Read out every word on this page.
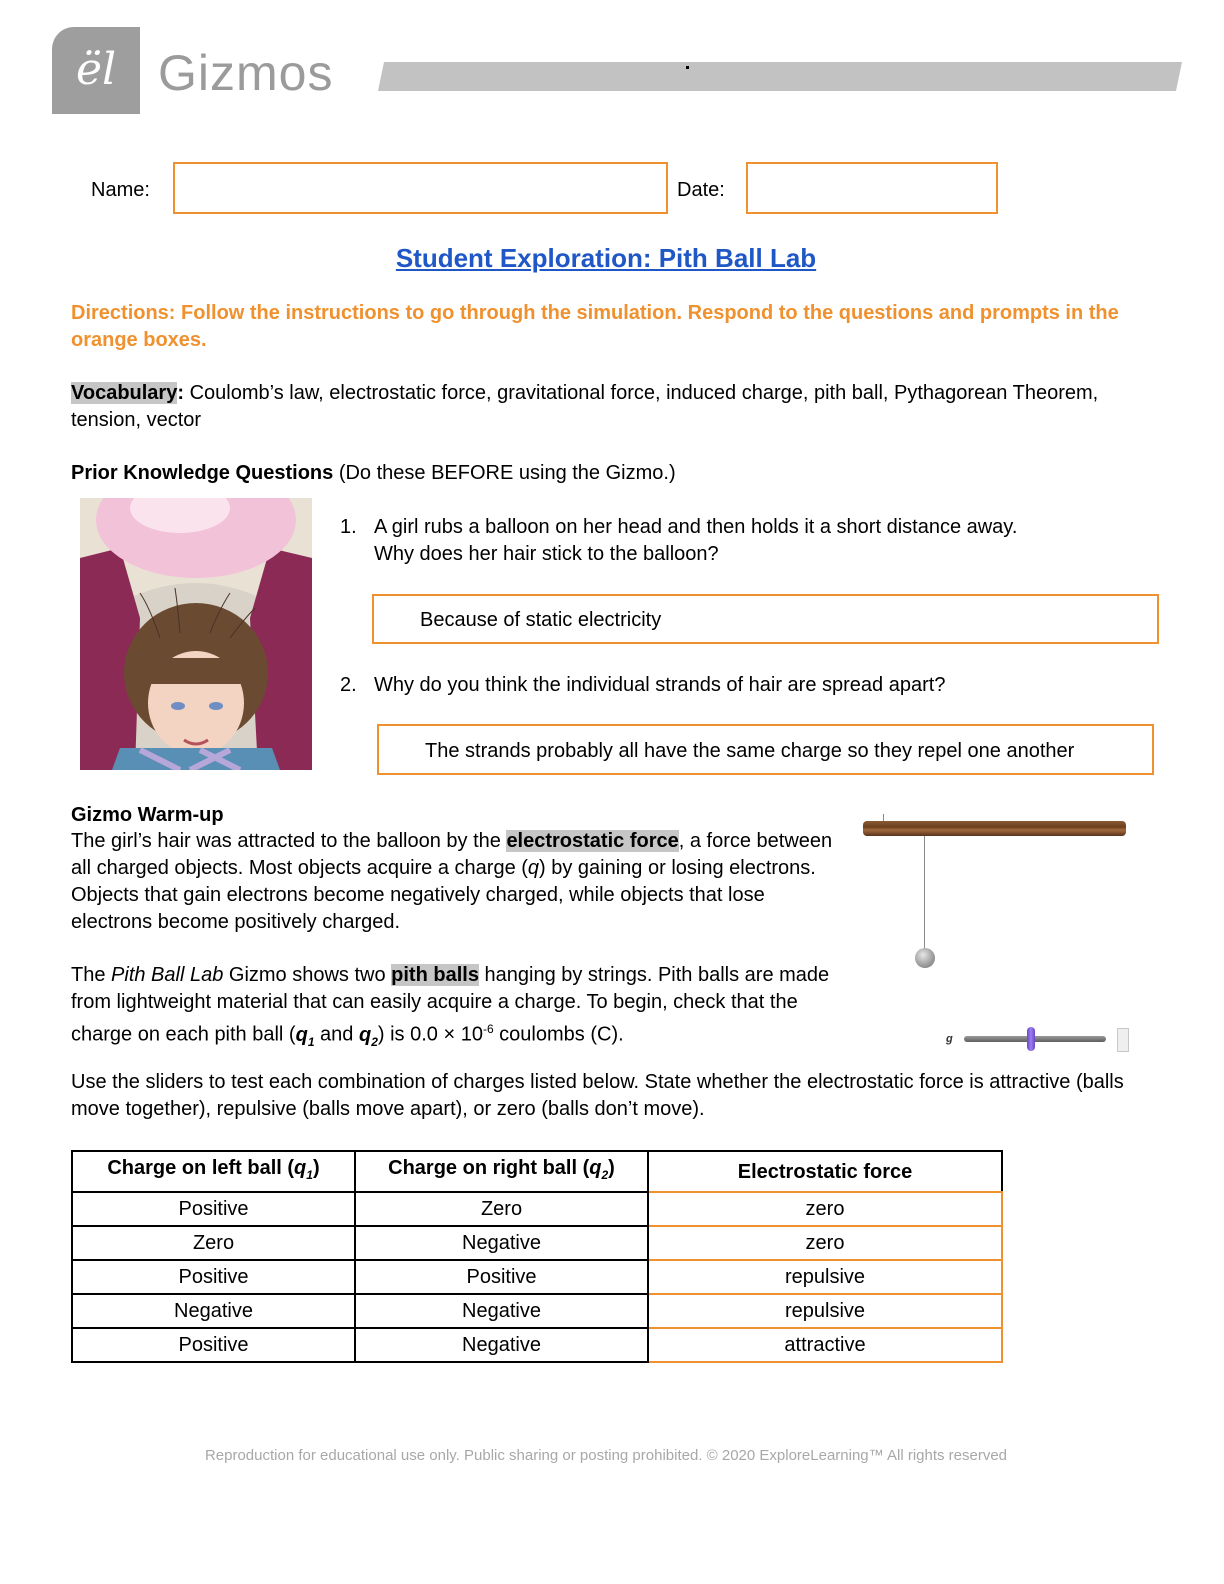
ël Gizmos
Name:	Date:
Student Exploration: Pith Ball Lab
Directions: Follow the instructions to go through the simulation. Respond to the questions and prompts in the orange boxes.
Vocabulary: Coulomb’s law, electrostatic force, gravitational force, induced charge, pith ball, Pythagorean Theorem, tension, vector
Prior Knowledge Questions (Do these BEFORE using the Gizmo.)
1. A girl rubs a balloon on her head and then holds it a short distance away.
Why does her hair stick to the balloon?
Because of static electricity
2. Why do you think the individual strands of hair are spread apart?
The strands probably all have the same charge so they repel one another
Gizmo Warm-up
The girl’s hair was attracted to the balloon by the electrostatic force, a force between all charged objects. Most objects acquire a charge (q) by gaining or losing electrons. Objects that gain electrons become negatively charged, while objects that lose electrons become positively charged.
The Pith Ball Lab Gizmo shows two pith balls hanging by strings. Pith balls are made from lightweight material that can easily acquire a charge. To begin, check that the charge on each pith ball ($q_1$ and $q_2$) is $0.0 \times 10^{-6}$ coulombs (C).	g
Use the sliders to test each combination of charges listed below. State whether the electrostatic force is attractive (balls move together), repulsive (balls move apart), or zero (balls don’t move).
Charge on left ball $(q_1)$	Charge on right ball $(q_2)$	Electrostatic force
Positive	Zero	zero
Zero	Negative	zero
Positive	Positive	repulsive
Negative	Negative	repulsive
Positive	Negative	attractive
Reproduction for educational use only. Public sharing or posting prohibited. © 2020 ExploreLearning™ All rights reserved
